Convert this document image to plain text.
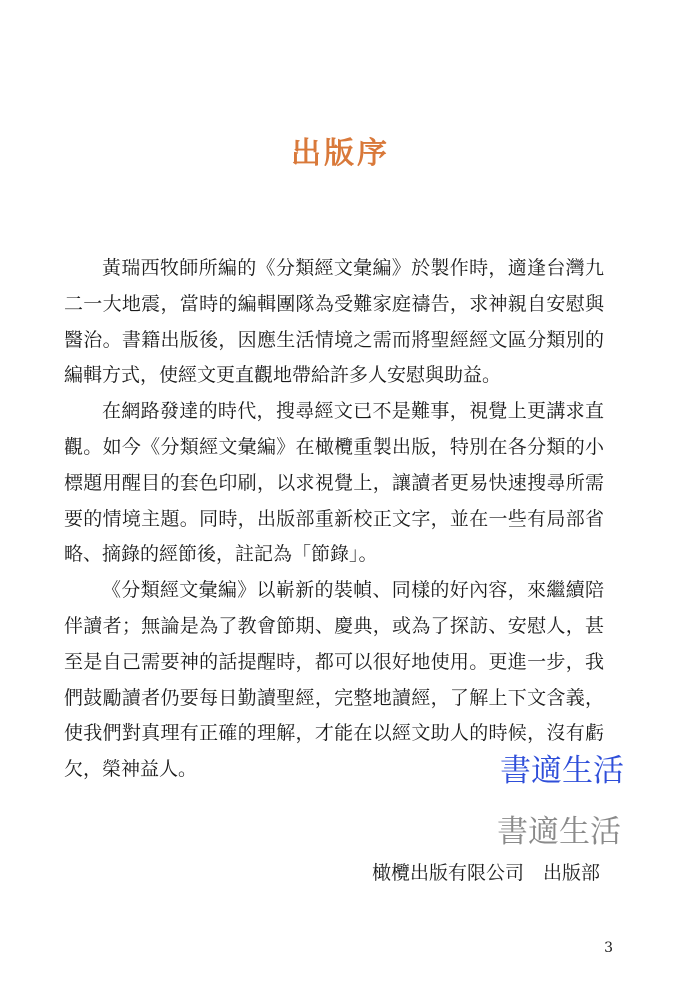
出版序

黃瑞西牧師所編的《分類經文彙編》於製作時，適逢台灣九二一大地震，當時的編輯團隊為受難家庭禱告，求神親自安慰與醫治。書籍出版後，因應生活情境之需而將聖經經文區分類別的編輯方式，使經文更直觀地帶給許多人安慰與助益。

在網路發達的時代，搜尋經文已不是難事，視覺上更講求直觀。如今《分類經文彙編》在橄欖重製出版，特別在各分類的小標題用醒目的套色印刷，以求視覺上，讓讀者更易快速搜尋所需要的情境主題。同時，出版部重新校正文字，並在一些有局部省略、摘錄的經節後，註記為「節錄」。

《分類經文彙編》以嶄新的裝幀、同樣的好內容，來繼續陪伴讀者；無論是為了教會節期、慶典，或為了探訪、安慰人，甚至是自己需要神的話提醒時，都可以很好地使用。更進一步，我們鼓勵讀者仍要每日勤讀聖經，完整地讀經，了解上下文含義，使我們對真理有正確的理解，才能在以經文助人的時候，沒有虧欠，榮神益人。	書適生活
書適生活
橄欖出版有限公司　出版部
3
